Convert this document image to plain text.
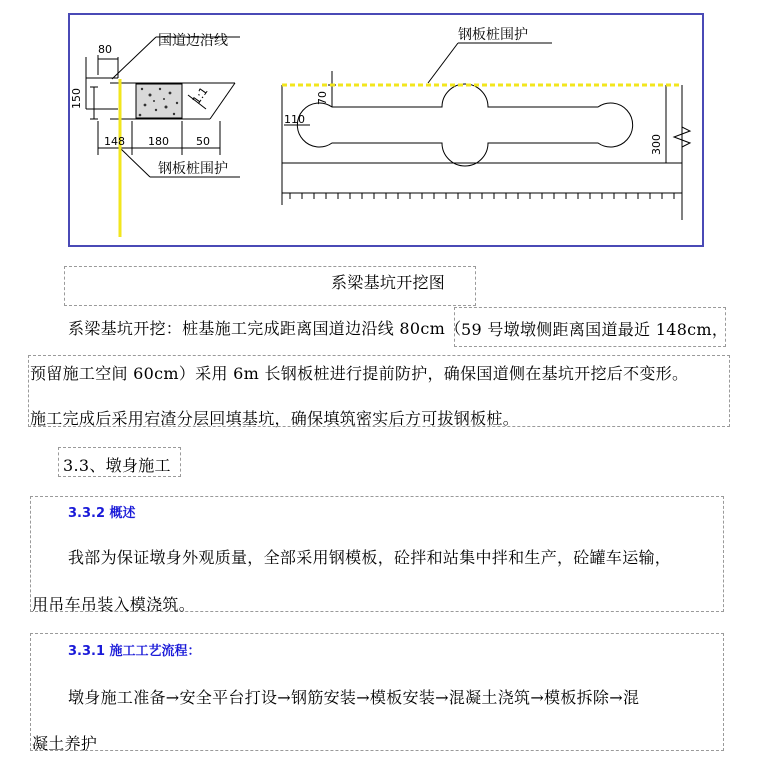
国道边沿线
钢板桩围护
钢板桩围护
80
150
148 180 50
1:1	70
110
300
系梁基坑开挖图
系梁基坑开挖：桩基施工完成距离国道边沿线 80cm（ 59 号墩墩侧距离国道最近 148cm，
预留施工空间 60cm）采用 6m 长钢板桩进行提前防护，确保国道侧在基坑开挖后不变形。
施工完成后采用宕渣分层回填基坑，确保填筑密实后方可拔钢板桩。
3.3、墩身施工
3.3.2 概述
我部为保证墩身外观质量，全部采用钢模板，砼拌和站集中拌和生产，砼罐车运输，
用吊车吊装入模浇筑。
3.3.1 施工工艺流程：
墩身施工准备→安全平台打设→钢筋安装→模板安装→混凝土浇筑→模板拆除→混
凝土养护
